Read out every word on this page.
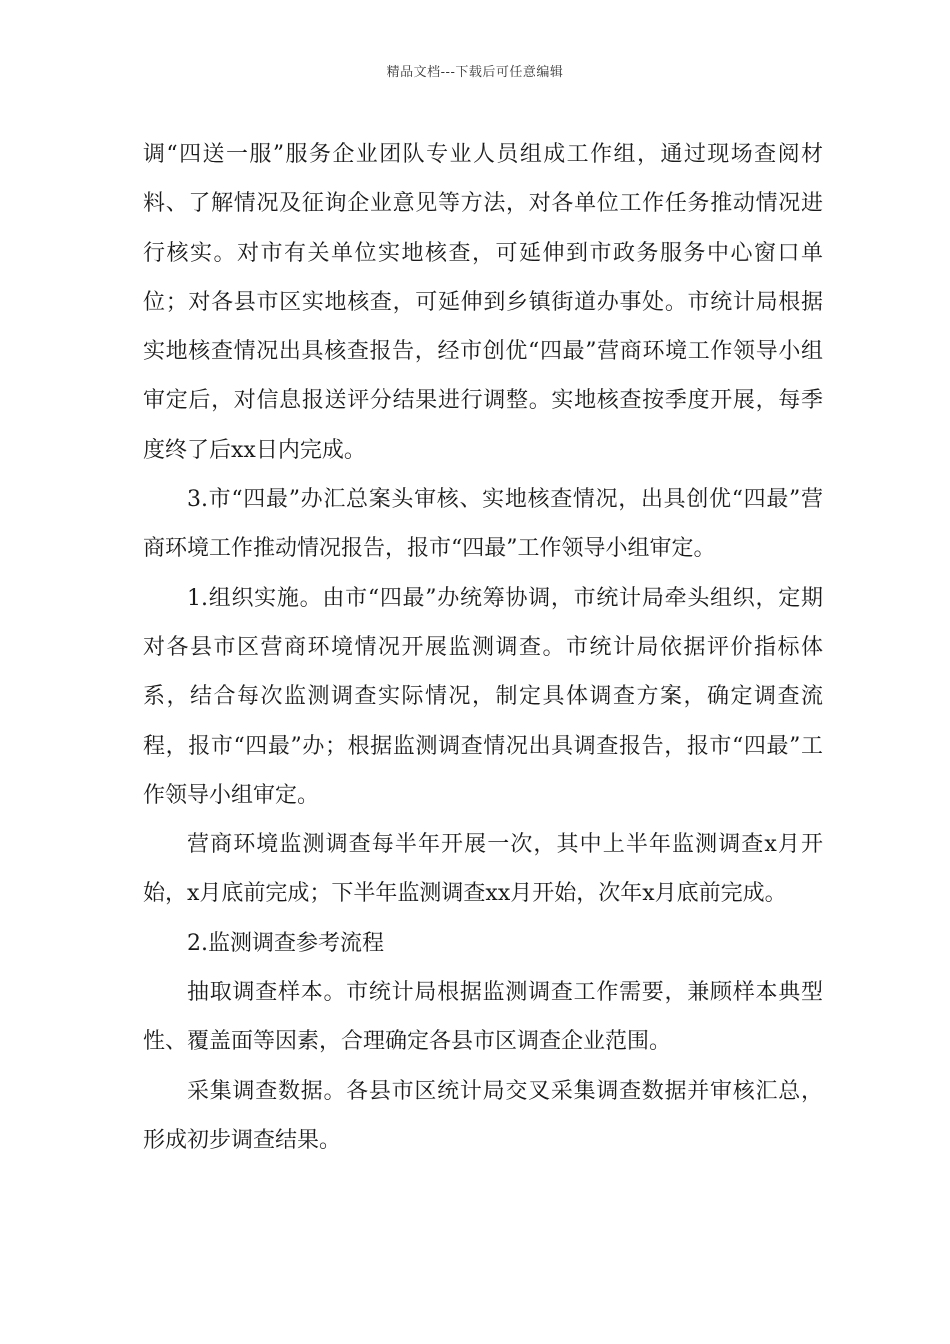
精品文档---下载后可任意编辑

调“四送一服”服务企业团队专业人员组成工作组，通过现场查阅材料、了解情况及征询企业意见等方法，对各单位工作任务推动情况进行核实。对市有关单位实地核查，可延伸到市政务服务中心窗口单位；对各县市区实地核查，可延伸到乡镇街道办事处。市统计局根据实地核查情况出具核查报告，经市创优“四最”营商环境工作领导小组审定后，对信息报送评分结果进行调整。实地核查按季度开展，每季度终了后xx日内完成。

3.市“四最”办汇总案头审核、实地核查情况，出具创优“四最”营商环境工作推动情况报告，报市“四最”工作领导小组审定。

1.组织实施。由市“四最”办统筹协调，市统计局牵头组织，定期对各县市区营商环境情况开展监测调查。市统计局依据评价指标体系，结合每次监测调查实际情况，制定具体调查方案，确定调查流程，报市“四最”办；根据监测调查情况出具调查报告，报市“四最”工作领导小组审定。

营商环境监测调查每半年开展一次，其中上半年监测调查x月开始，x月底前完成；下半年监测调查xx月开始，次年x月底前完成。

2.监测调查参考流程

抽取调查样本。市统计局根据监测调查工作需要，兼顾样本典型性、覆盖面等因素，合理确定各县市区调查企业范围。

采集调查数据。各县市区统计局交叉采集调查数据并审核汇总，形成初步调查结果。
